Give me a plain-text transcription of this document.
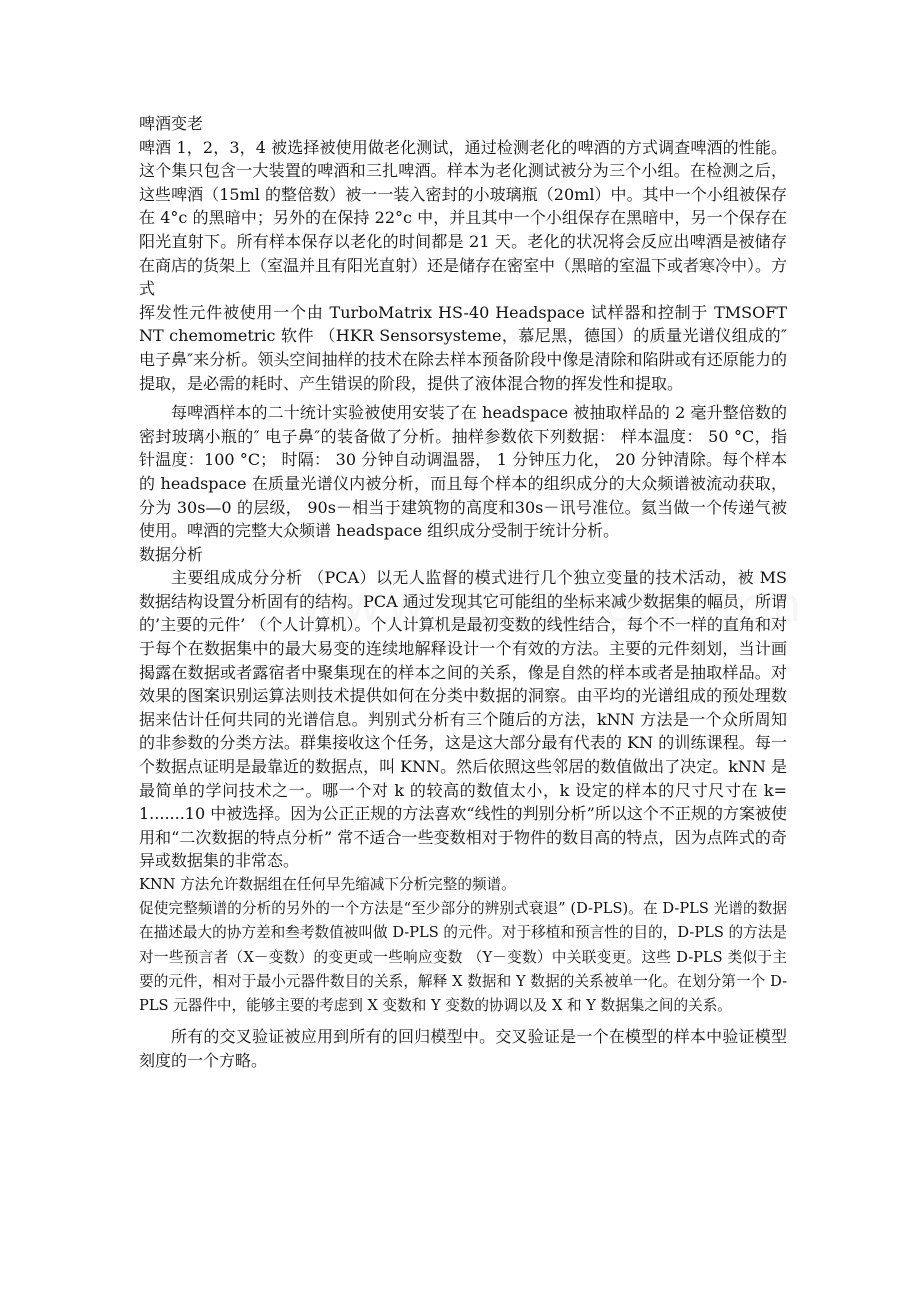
啤酒变老

啤酒 1，2，3，4 被选择被使用做老化测试，通过检测老化的啤酒的方式调查啤酒的性能。这个集只包含一大装置的啤酒和三扎啤酒。样本为老化测试被分为三个小组。在检测之后，这些啤酒（15ml 的整倍数）被一一装入密封的小玻璃瓶（20ml）中。其中一个小组被保存在 4°c 的黑暗中；另外的在保持 22°c 中，并且其中一个小组保存在黑暗中，另一个保存在阳光直射下。所有样本保存以老化的时间都是 21 天。老化的状况将会反应出啤酒是被储存在商店的货架上（室温并且有阳光直射）还是储存在密室中（黑暗的室温下或者寒冷中）。方式

挥发性元件被使用一个由 TurboMatrix HS-40 Headspace 试样器和控制于 TMSOFT NT chemometric 软件 （HKR Sensorsysteme，慕尼黑，德国）的质量光谱仪组成的″电子鼻″来分析。领头空间抽样的技术在除去样本预备阶段中像是清除和陷阱或有还原能力的提取，是必需的耗时、产生错误的阶段，提供了液体混合物的挥发性和提取。

每啤酒样本的二十统计实验被使用安装了在 headspace 被抽取样品的 2 毫升整倍数的密封玻璃小瓶的″ 电子鼻″的装备做了分析。抽样参数依下列数据： 样本温度： 50 °C，指针温度：100 °C； 时隔： 30 分钟自动调温器， 1 分钟压力化， 20 分钟清除。每个样本的 headspace 在质量光谱仪内被分析，而且每个样本的组织成分的大众频谱被流动获取，分为 30s—0 的层级， 90s－相当于建筑物的高度和30s－讯号准位。氦当做一个传递气被使用。啤酒的完整大众频谱 headspace 组织成分受制于统计分析。

数据分析

主要组成成分分析 （PCA）以无人监督的模式进行几个独立变量的技术活动，被 MS 数据结构设置分析固有的结构。PCA 通过发现其它可能组的坐标来减少数据集的幅员，所谓的’主要的元件’ （个人计算机）。个人计算机是最初变数的线性结合，每个不一样的直角和对于每个在数据集中的最大易变的连续地解释设计一个有效的方法。主要的元件刻划，当计画揭露在数据或者露宿者中聚集现在的样本之间的关系，像是自然的样本或者是抽取样品。对效果的图案识别运算法则技术提供如何在分类中数据的洞察。由平均的光谱组成的预处理数据来估计任何共同的光谱信息。判别式分析有三个随后的方法，kNN 方法是一个众所周知的非参数的分类方法。群集接收这个任务，这是这大部分最有代表的 KN 的训练课程。每一个数据点证明是最靠近的数据点，叫 KNN。然后依照这些邻居的数值做出了决定。kNN 是最简单的学问技术之一。哪一个对 k 的较高的数值太小，k 设定的样本的尺寸尺寸在 k=1.......10 中被选择。因为公正正规的方法喜欢“线性的判别分析”所以这个不正规的方案被使用和“二次数据的特点分析” 常不适合一些变数相对于物件的数目高的特点，因为点阵式的奇异或数据集的非常态。

KNN 方法允许数据组在任何早先缩减下分析完整的频谱。

促使完整频谱的分析的另外的一个方法是“至少部分的辨别式衰退” (D-PLS)。在 D-PLS 光谱的数据在描述最大的协方差和叁考数值被叫做 D-PLS 的元件。对于移植和预言性的目的，D-PLS 的方法是对一些预言者（X－变数）的变更或一些响应变数 （Y－变数）中关联变更。这些 D-PLS 类似于主要的元件，相对于最小元器件数目的关系，解释 X 数据和 Y 数据的关系被单一化。在划分第一个 D-PLS 元器件中，能够主要的考虑到 X 变数和 Y 变数的协调以及 X 和 Y 数据集之间的关系。

所有的交叉验证被应用到所有的回归模型中。交叉验证是一个在模型的样本中验证模型刻度的一个方略。
